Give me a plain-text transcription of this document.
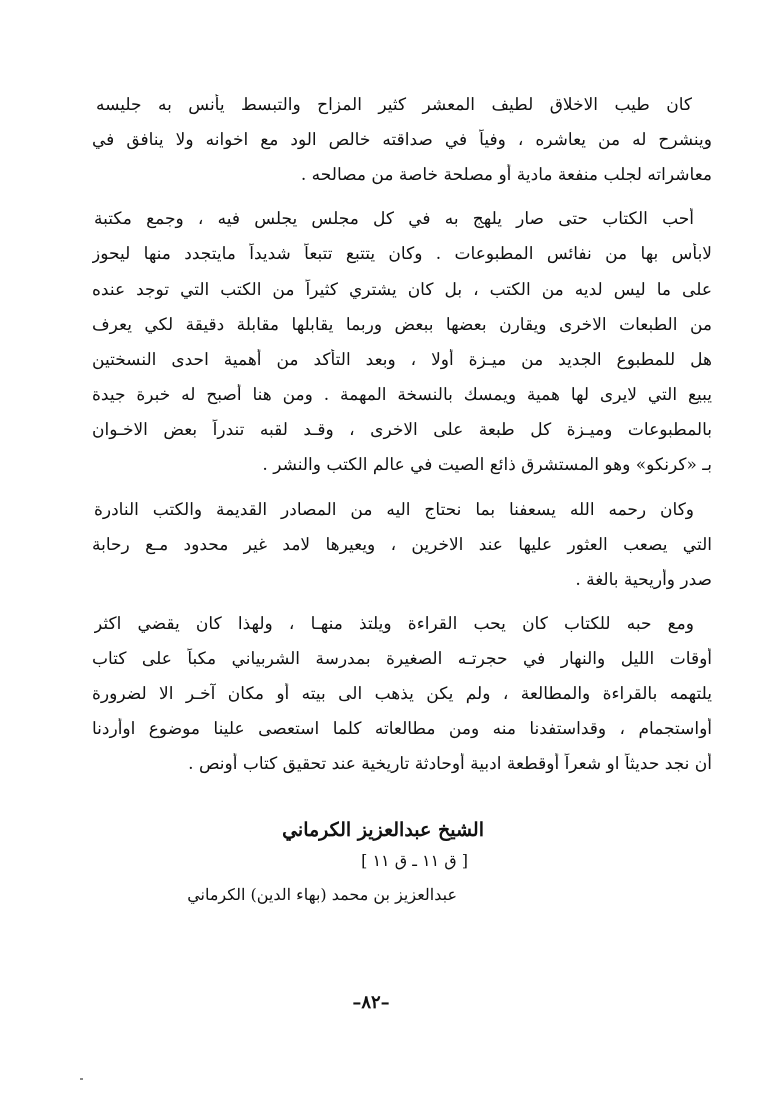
كان طيب الاخلاق لطيف المعشر كثير المزاح والتبسط يأنس به جليسه
وينشرح له من يعاشره ، وفياً في صداقته خالص الود مع اخوانه ولا ينافق في
معاشراته لجلب منفعة مادية أو مصلحة خاصة من مصالحه .
أحب الكتاب حتى صار يلهج به في كل مجلس يجلس فيه ، وجمع مكتبة
لابأس بها من نفائس المطبوعات . وكان يتتبع تتبعاً شديداً مايتجدد منها ليحوز
على ما ليس لديه من الكتب ، بل كان يشتري كثيراً من الكتب التي توجد عنده
من الطبعات الاخرى ويقارن بعضها ببعض وربما يقابلها مقابلة دقيقة لكي يعرف
هل للمطبوع الجديد من ميـزة أولا ، وبعد التأكد من أهمية احدى النسختين
يبيع التي لايرى لها همية ويمسك بالنسخة المهمة . ومن هنا أصبح له خبرة جيدة
بالمطبوعات وميـزة كل طبعة على الاخرى ، وقـد لقبه تندراً بعض الاخـوان
بـ «كرنكو» وهو المستشرق ذائع الصيت في عالم الكتب والنشر .
وكان رحمه الله يسعفنا بما نحتاج اليه من المصادر القديمة والكتب النادرة
التي يصعب العثور عليها عند الاخرين ، ويعيرها لامد غير محدود مـع رحابة
صدر وأريحية بالغة .
ومع حبه للكتاب كان يحب القراءة ويلتذ منهـا ، ولهذا كان يقضي اكثر
أوقات الليل والنهار في حجرتـه الصغيرة بمدرسة الشربياني مكباً على كتاب
يلتهمه بالقراءة والمطالعة ، ولم يكن يذهب الى بيته أو مكان آخـر الا لضرورة
أواستجمام ، وقداستفدنا منه ومن مطالعاته كلما استعصى علينا موضوع اوأردنا
أن نجد حديثاً او شعراً أوقطعة ادبية أوحادثة تاريخية عند تحقيق كتاب أونص .
الشيخ عبدالعزيز الكرماني
[ ق ١١ ـ ق ١١ ]
عبدالعزيز بن محمد (بهاء الدين) الكرماني
–٨٢–
